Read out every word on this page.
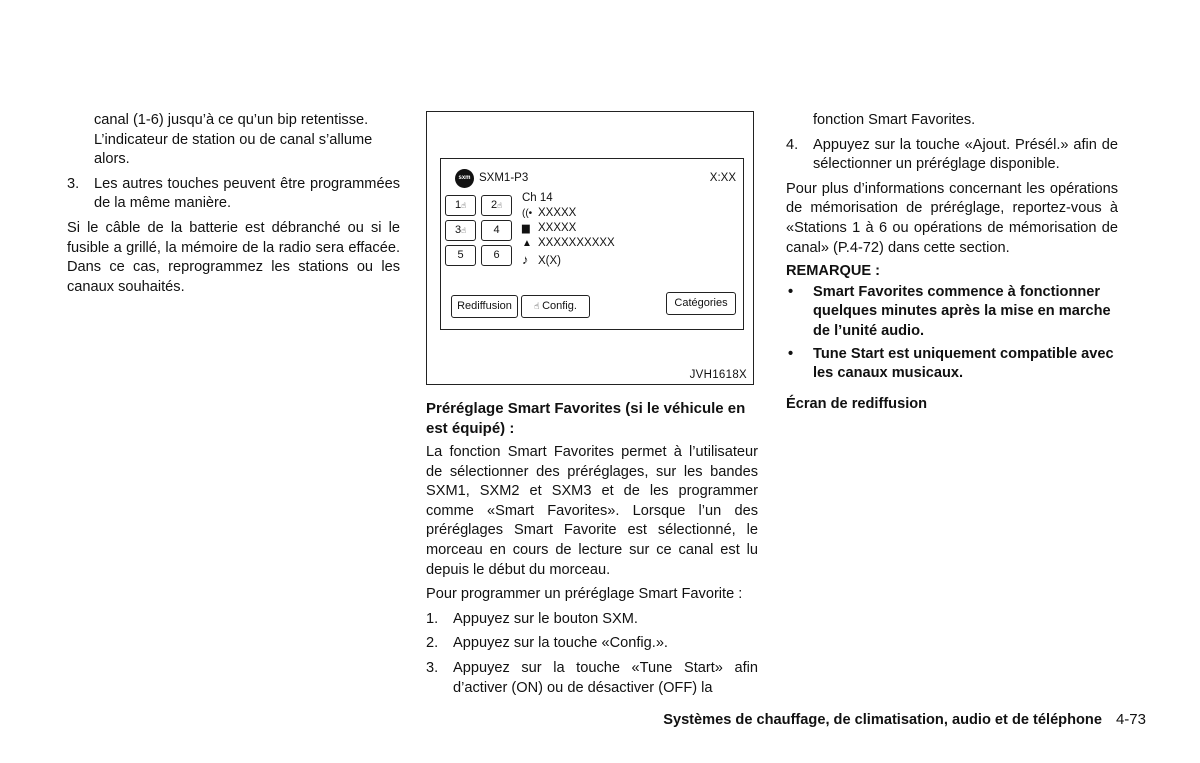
canal (1-6) jusqu’à ce qu’un bip retentisse.
L’indicateur de station ou de canal s’allume alors.
3. Les autres touches peuvent être programmées de la même manière.
Si le câble de la batterie est débranché ou si le fusible a grillé, la mémoire de la radio sera effacée. Dans ce cas, reprogrammez les stations ou les canaux souhaités.
sxm SXM1-P3	X:XX
1☝	2☝
3☝	4
5	6
Ch 14
((• XXXXX
▆ XXXXX
▲ XXXXXXXXXX
♪ X(X)
Rediffusion	☝ Config.	Catégories
JVH1618X
Préréglage Smart Favorites (si le véhicule en est équipé) :
La fonction Smart Favorites permet à l’utilisateur de sélectionner des préréglages, sur les bandes SXM1, SXM2 et SXM3 et de les programmer comme «Smart Favorites». Lorsque l’un des préréglages Smart Favorite est sélectionné, le morceau en cours de lecture sur ce canal est lu depuis le début du morceau.
Pour programmer un préréglage Smart Favorite :
1. Appuyez sur le bouton SXM.
2. Appuyez sur la touche «Config.».
3. Appuyez sur la touche «Tune Start» afin d’activer (ON) ou de désactiver (OFF) la
fonction Smart Favorites.
4. Appuyez sur la touche «Ajout. Présél.» afin de sélectionner un préréglage disponible.
Pour plus d’informations concernant les opérations de mémorisation de préréglage, reportez-vous à «Stations 1 à 6 ou opérations de mémorisation de canal» (P.4-72) dans cette section.
REMARQUE :
• Smart Favorites commence à fonctionner quelques minutes après la mise en marche de l’unité audio.
• Tune Start est uniquement compatible avec les canaux musicaux.
Écran de rediffusion
Systèmes de chauffage, de climatisation, audio et de téléphone 4-73
